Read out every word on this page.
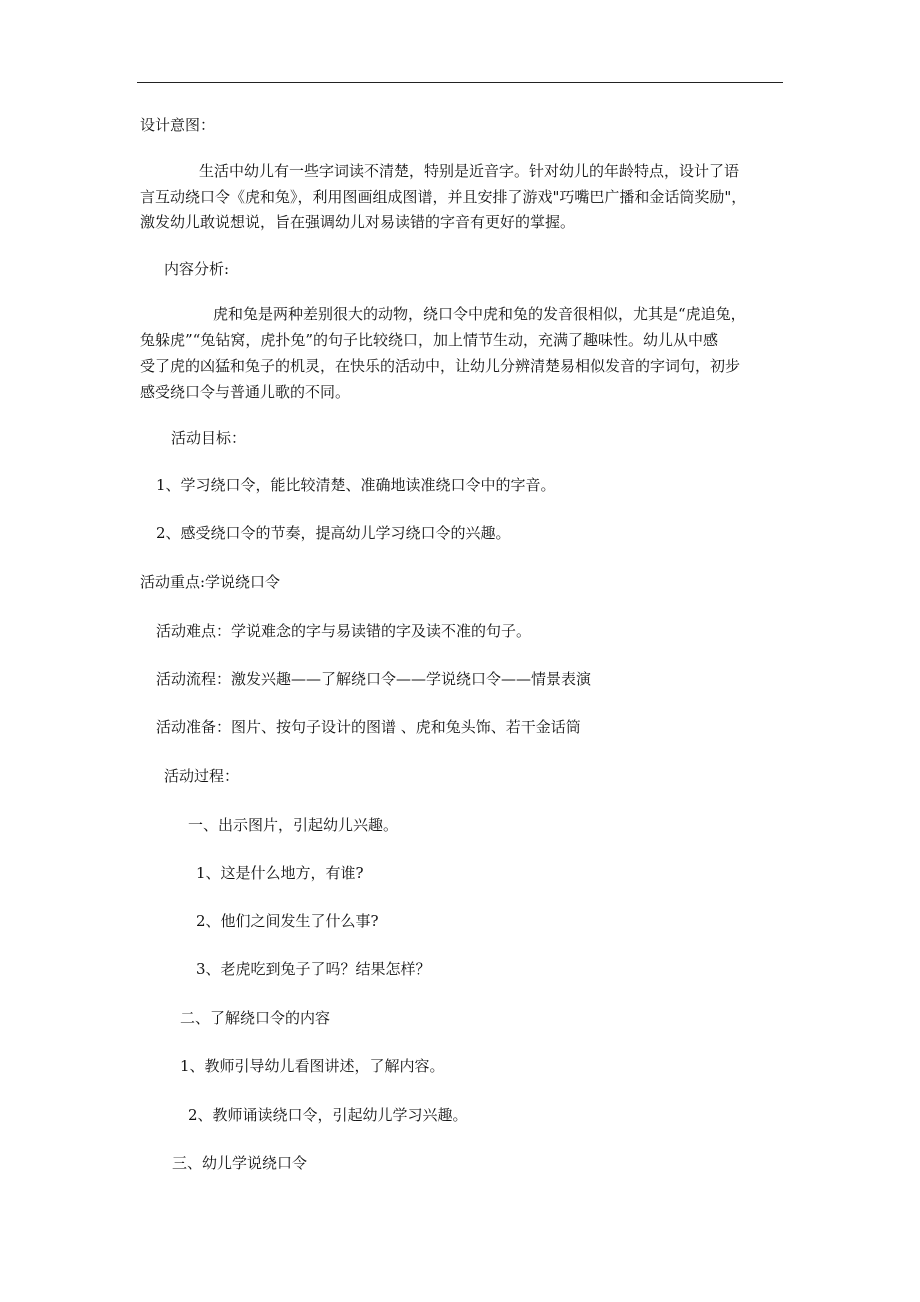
设计意图：

生活中幼儿有一些字词读不清楚，特别是近音字。针对幼儿的年龄特点，设计了语

言互动绕口令《虎和兔》，利用图画组成图谱，并且安排了游戏"巧嘴巴广播和金话筒奖励"，

激发幼儿敢说想说，旨在强调幼儿对易读错的字音有更好的掌握。

内容分析:

虎和兔是两种差别很大的动物，绕口令中虎和兔的发音很相似，尤其是“虎追兔，

兔躲虎”“兔钻窝，虎扑兔”的句子比较绕口，加上情节生动，充满了趣味性。幼儿从中感

受了虎的凶猛和兔子的机灵，在快乐的活动中，让幼儿分辨清楚易相似发音的字词句，初步

感受绕口令与普通儿歌的不同。

活动目标：

1、学习绕口令，能比较清楚、准确地读准绕口令中的字音。

2、感受绕口令的节奏，提高幼儿学习绕口令的兴趣。

活动重点:学说绕口令

活动难点：学说难念的字与易读错的字及读不准的句子。

活动流程：激发兴趣——了解绕口令——学说绕口令——情景表演

活动准备：图片、按句子设计的图谱 、虎和兔头饰、若干金话筒

活动过程：

一、出示图片，引起幼儿兴趣。

1、这是什么地方，有谁?

2、他们之间发生了什么事?

3、老虎吃到兔子了吗？结果怎样？

二、了解绕口令的内容

1、教师引导幼儿看图讲述，了解内容。

2、教师诵读绕口令，引起幼儿学习兴趣。

三、幼儿学说绕口令
